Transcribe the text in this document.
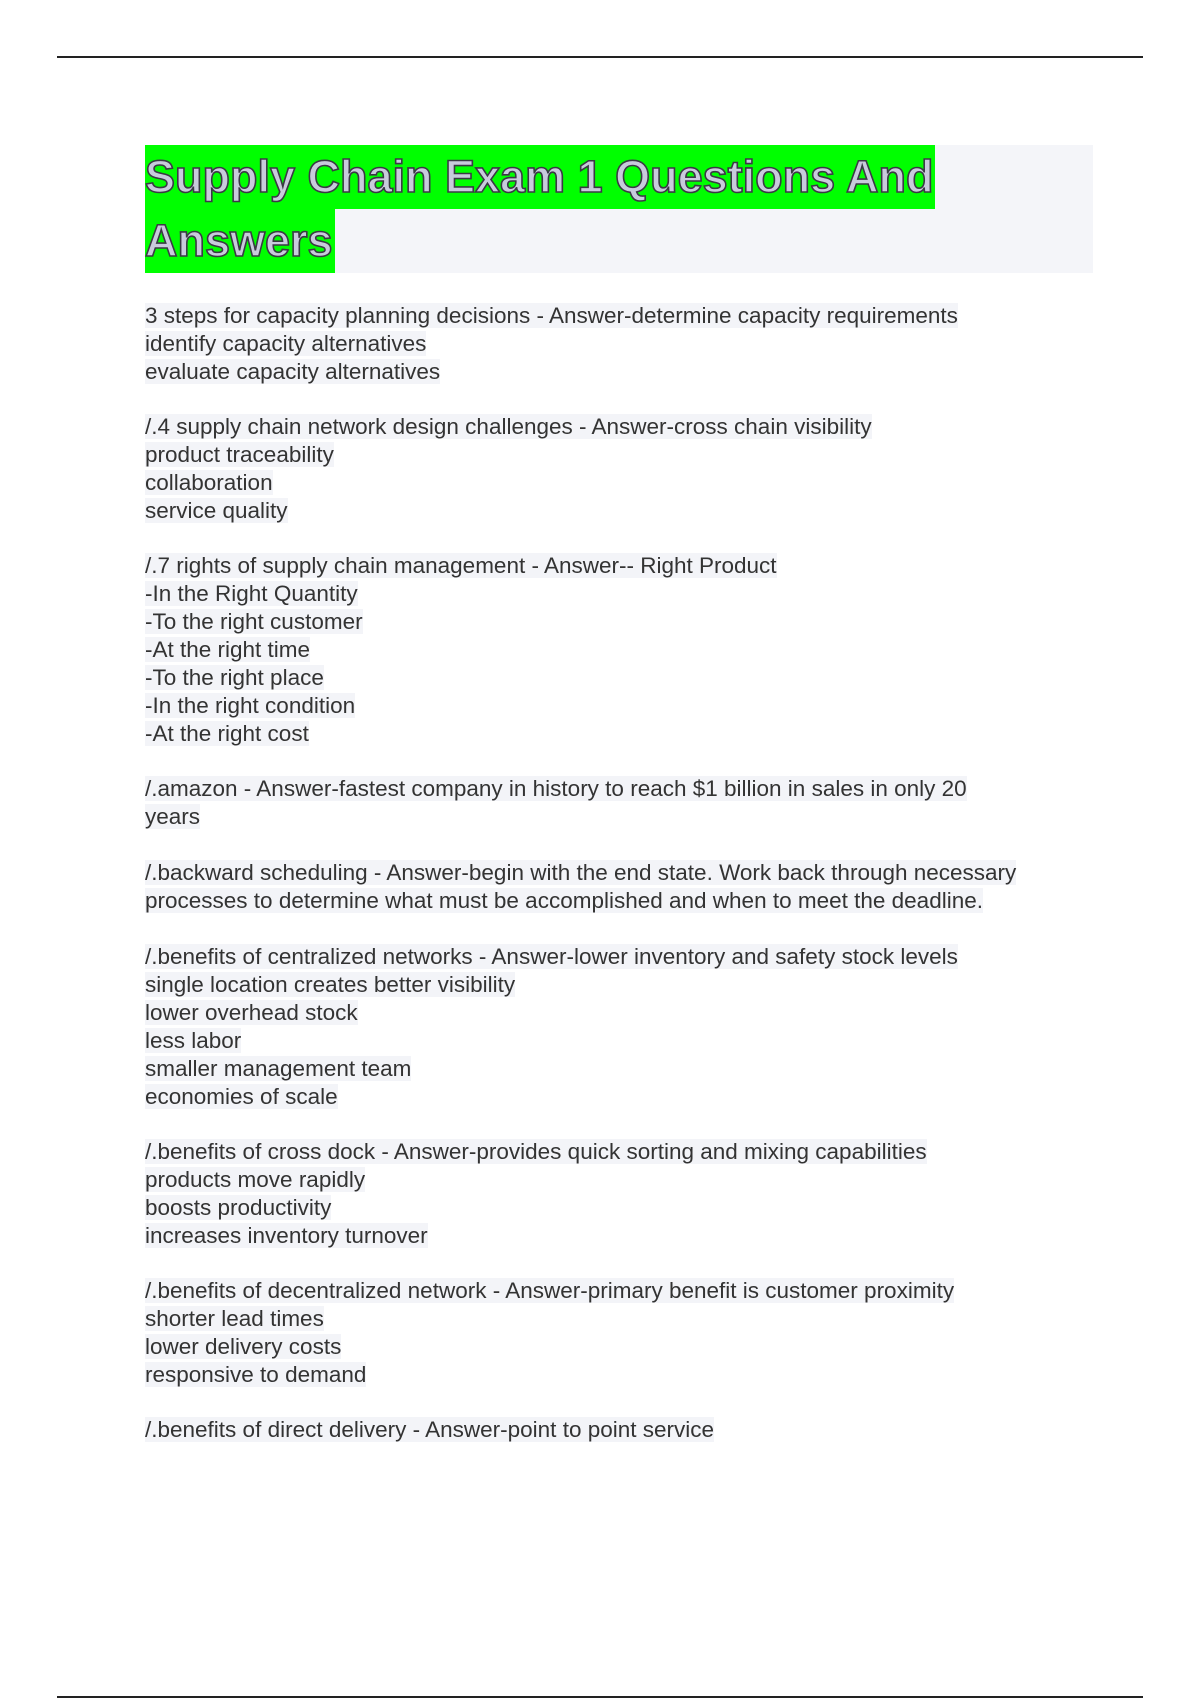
Supply Chain Exam 1 Questions And
Answers
3 steps for capacity planning decisions - Answer-determine capacity requirements
identify capacity alternatives
evaluate capacity alternatives
/.4 supply chain network design challenges - Answer-cross chain visibility
product traceability
collaboration
service quality
/.7 rights of supply chain management - Answer-- Right Product
-In the Right Quantity
-To the right customer
-At the right time
-To the right place
-In the right condition
-At the right cost
/.amazon - Answer-fastest company in history to reach $1 billion in sales in only 20
years
/.backward scheduling - Answer-begin with the end state. Work back through necessary
processes to determine what must be accomplished and when to meet the deadline.
/.benefits of centralized networks - Answer-lower inventory and safety stock levels
single location creates better visibility
lower overhead stock
less labor
smaller management team
economies of scale
/.benefits of cross dock - Answer-provides quick sorting and mixing capabilities
products move rapidly
boosts productivity
increases inventory turnover
/.benefits of decentralized network - Answer-primary benefit is customer proximity
shorter lead times
lower delivery costs
responsive to demand
/.benefits of direct delivery - Answer-point to point service
